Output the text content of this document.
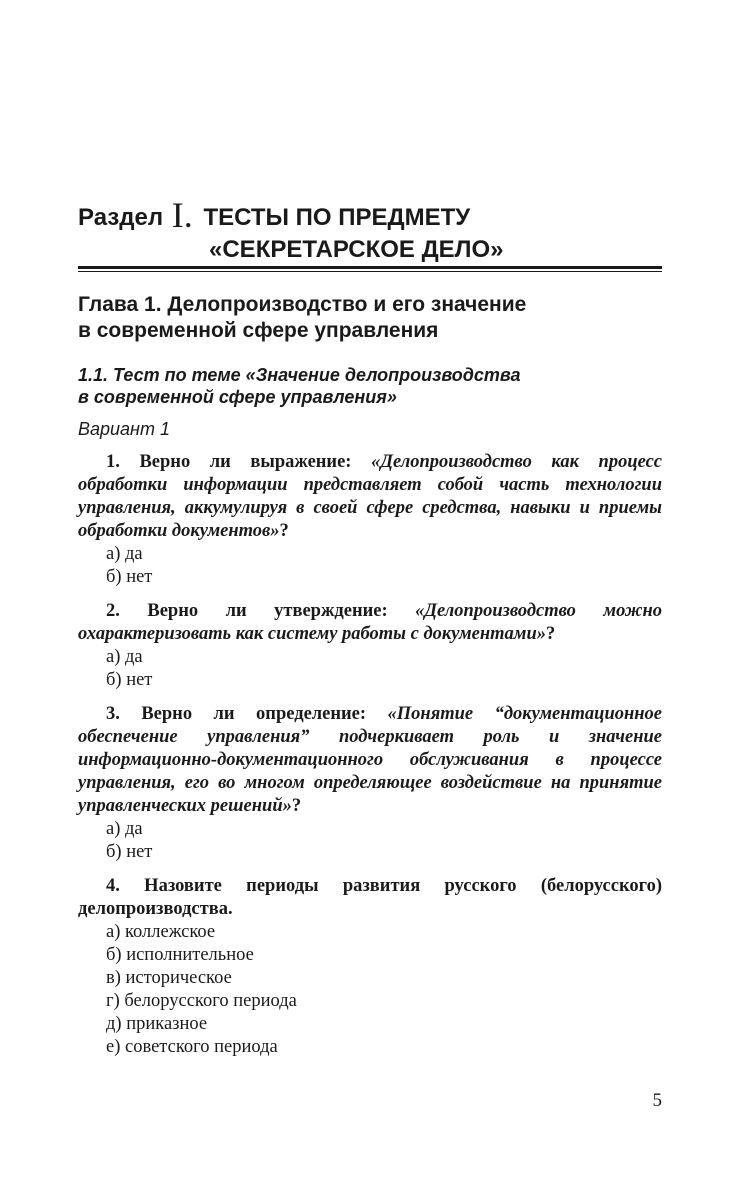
Раздел I. ТЕСТЫ ПО ПРЕДМЕТУ
«СЕКРЕТАРСКОЕ ДЕЛО»
Глава 1. Делопроизводство и его значение
в современной сфере управления
1.1. Тест по теме «Значение делопроизводства
в современной сфере управления»
Вариант 1

1. Верно ли выражение: «Делопроизводство как процесс обработки информации представляет собой часть технологии управления, аккумулируя в своей сфере средства, навыки и приемы обработки документов»?

а) да

б) нет

2. Верно ли утверждение: «Делопроизводство можно охарактеризовать как систему работы с документами»?

а) да

б) нет

3. Верно ли определение: «Понятие “документационное обеспечение управления” подчеркивает роль и значение информационно-документационного обслуживания в процессе управления, его во многом определяющее воздействие на принятие управленческих решений»?

а) да

б) нет

4. Назовите периоды развития русского (белорусского) делопроизводства.

а) коллежское

б) исполнительное

в) историческое

г) белорусского периода

д) приказное

е) советского периода

5
